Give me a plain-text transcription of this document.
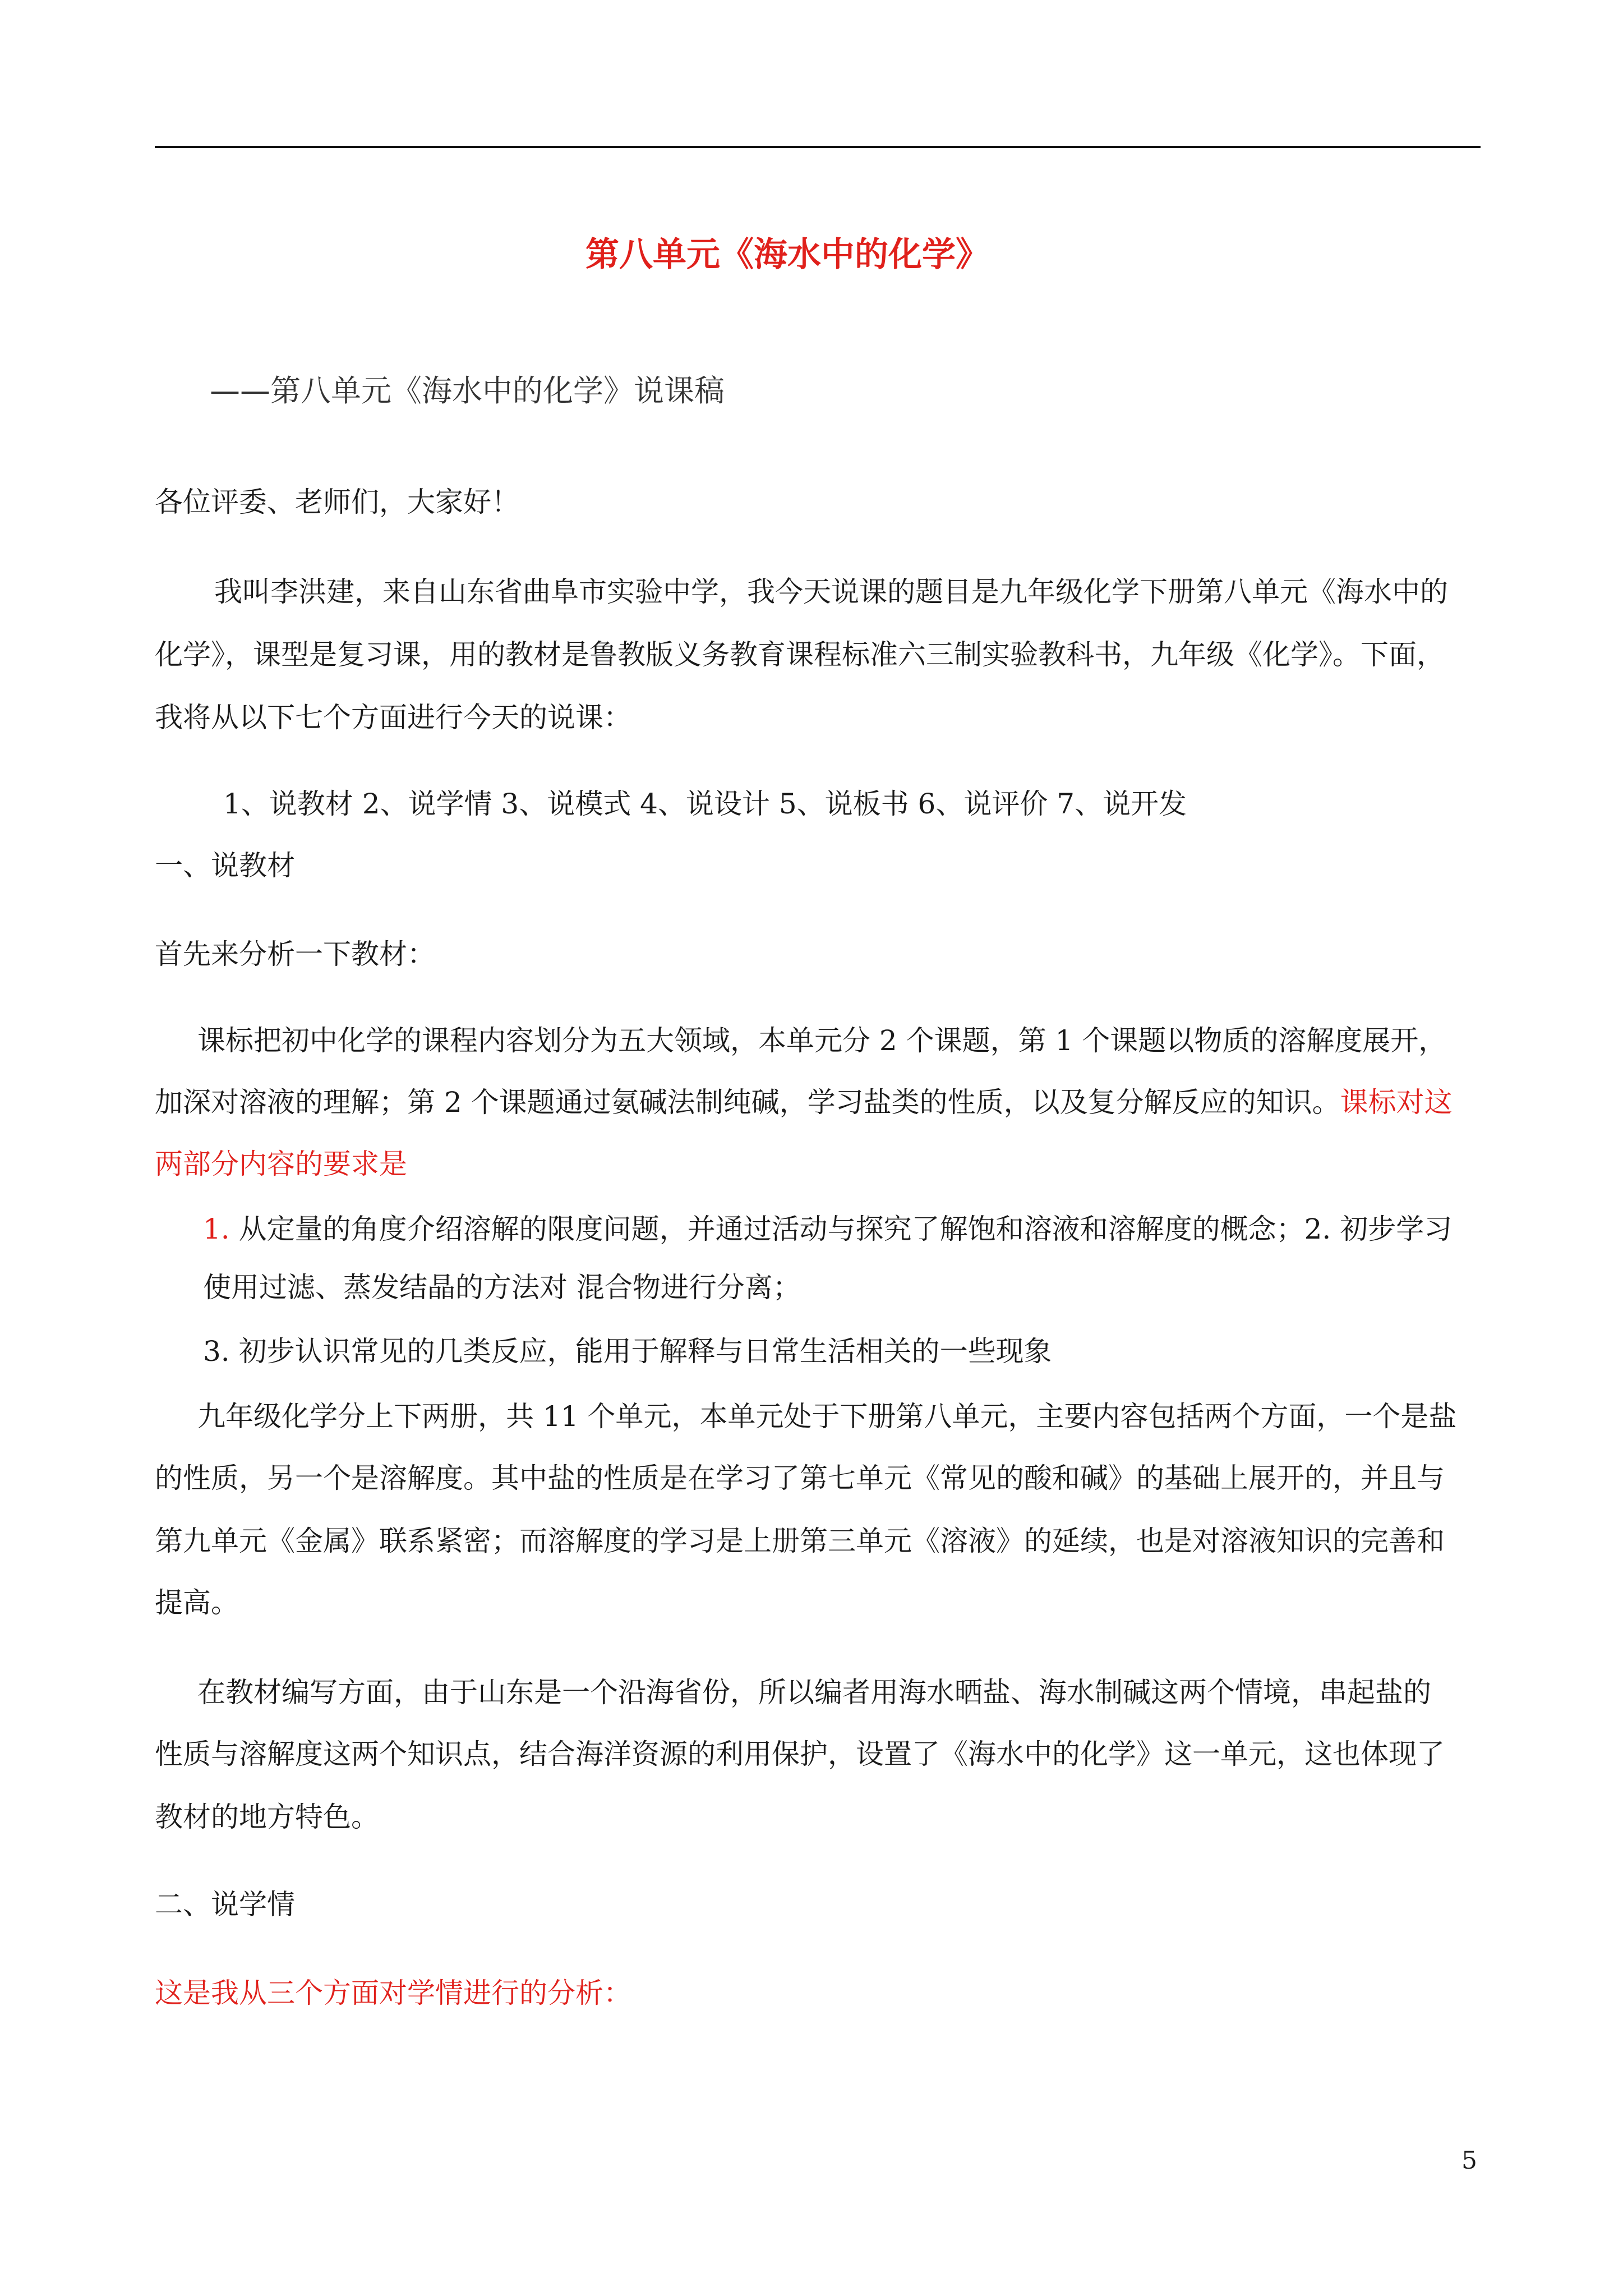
第八单元《海水中的化学》
——第八单元《海水中的化学》说课稿
各位评委、老师们，大家好！
我叫李洪建，来自山东省曲阜市实验中学，我今天说课的题目是九年级化学下册第八单元《海水中的
化学》，课型是复习课，用的教材是鲁教版义务教育课程标准六三制实验教科书，九年级《化学》。下面，
我将从以下七个方面进行今天的说课：
1、说教材 2、说学情 3、说模式 4、说设计 5、说板书 6、说评价 7、说开发
一、说教材
首先来分析一下教材：
课标把初中化学的课程内容划分为五大领域，本单元分 2 个课题，第 1 个课题以物质的溶解度展开，
加深对溶液的理解；第 2 个课题通过氨碱法制纯碱，学习盐类的性质，以及复分解反应的知识。课标对这
两部分内容的要求是
1. 从定量的角度介绍溶解的限度问题，并通过活动与探究了解饱和溶液和溶解度的概念；2. 初步学习
使用过滤、蒸发结晶的方法对 混合物进行分离；
3. 初步认识常见的几类反应，能用于解释与日常生活相关的一些现象
九年级化学分上下两册，共 11 个单元，本单元处于下册第八单元，主要内容包括两个方面，一个是盐
的性质，另一个是溶解度。其中盐的性质是在学习了第七单元《常见的酸和碱》的基础上展开的，并且与
第九单元《金属》联系紧密；而溶解度的学习是上册第三单元《溶液》的延续，也是对溶液知识的完善和
提高。
在教材编写方面，由于山东是一个沿海省份，所以编者用海水晒盐、海水制碱这两个情境，串起盐的
性质与溶解度这两个知识点，结合海洋资源的利用保护，设置了《海水中的化学》这一单元，这也体现了
教材的地方特色。
二、说学情
这是我从三个方面对学情进行的分析：
5
